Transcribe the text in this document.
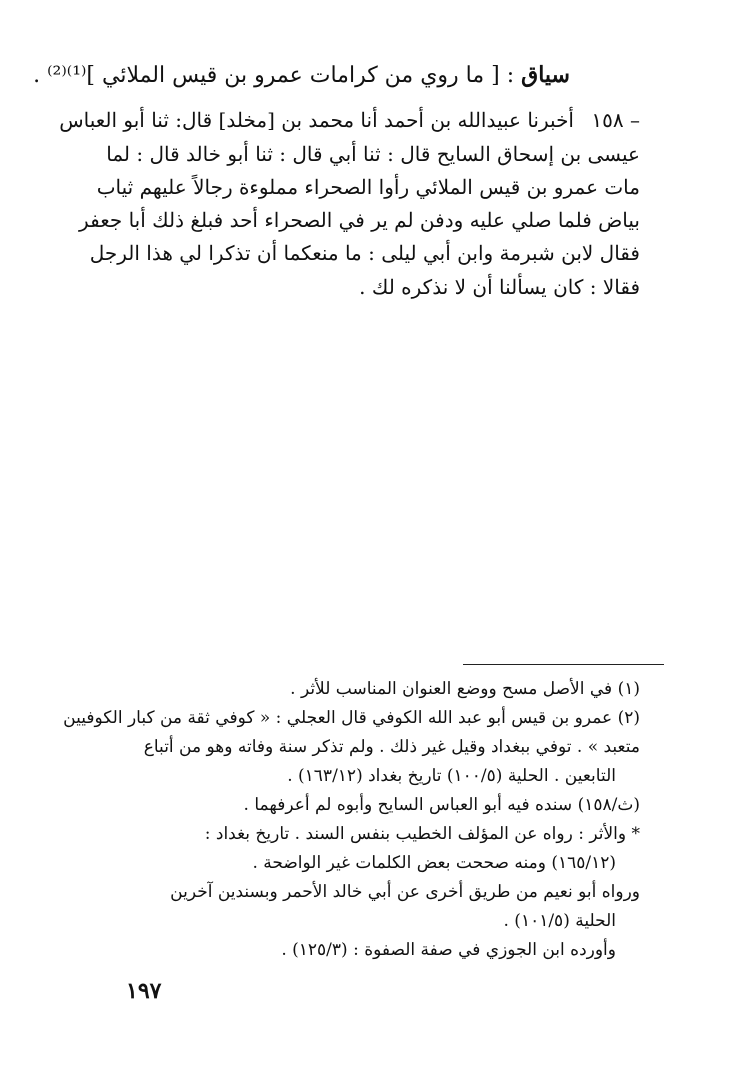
سياق : [ ما روي من كرامات عمرو بن قيس الملائي ]⁽¹⁾⁽²⁾ .
١٥٨ –
أخبرنا عبيدالله بن أحمد أنا محمد بن [مخلد] قال: ثنا أبو العباس
عيسى بن إسحاق السايح قال : ثنا أبي قال : ثنا أبو خالد قال : لما
مات عمرو بن قيس الملائي رأوا الصحراء مملوءة رجالاً عليهم ثياب
بياض فلما صلي عليه ودفن لم ير في الصحراء أحد فبلغ ذلك أبا جعفر
فقال لابن شبرمة وابن أبي ليلى : ما منعكما أن تذكرا لي هذا الرجل
فقالا : كان يسألنا أن لا نذكره لك .
(١) في الأصل مسح ووضع العنوان المناسب للأثر .
(٢) عمرو بن قيس أبو عبد الله الكوفي قال العجلي : « كوفي ثقة من كبار الكوفيين
متعبد » . توفي ببغداد وقيل غير ذلك . ولم تذكر سنة وفاته وهو من أتباع
التابعين . الحلية (١٠٠/٥) تاريخ بغداد (١٦٣/١٢) .
(ث/١٥٨) سنده فيه أبو العباس السايح وأبوه لم أعرفهما .
* والأثر : رواه عن المؤلف الخطيب بنفس السند . تاريخ بغداد :
(١٦٥/١٢) ومنه صححت بعض الكلمات غير الواضحة .
ورواه أبو نعيم من طريق أخرى عن أبي خالد الأحمر وبسندين آخرين
الحلية (١٠١/٥) .
وأورده ابن الجوزي في صفة الصفوة : (١٢٥/٣) .
١٩٧
